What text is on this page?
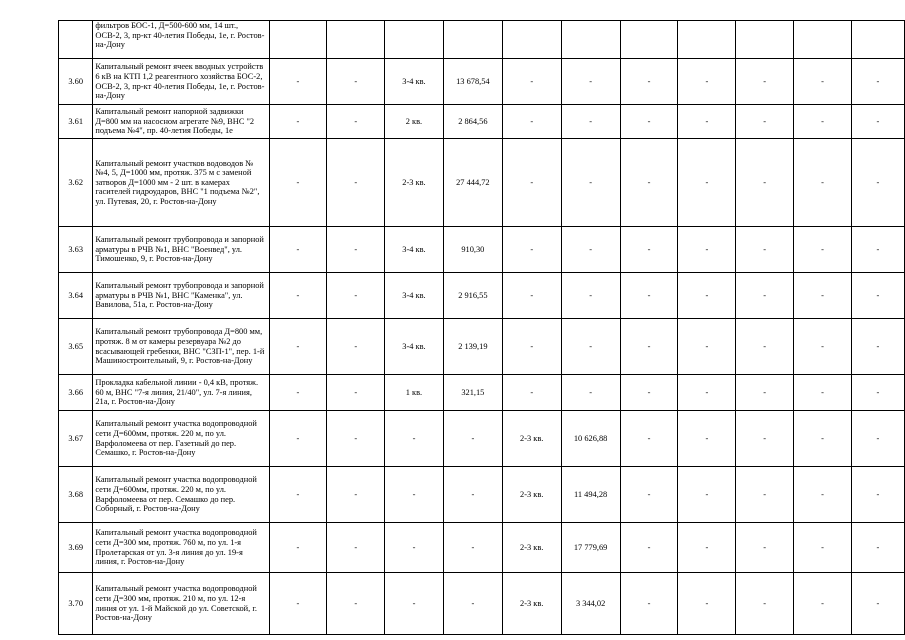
	фильтров БОС-1, Д=500-600 мм, 14 шт., ОСВ-2, 3, пр-кт 40-летия Победы, 1е, г. Ростов-на-Дону											
3.60	Капитальный ремонт ячеек вводных устройств 6 кВ на КТП 1,2 реагентного хозяйства БОС-2, ОСВ-2, 3, пр-кт 40-летия Победы, 1е, г. Ростов-на-Дону	-	-	3-4 кв.	13 678,54	-	-	-	-	-	-	-
3.61	Капитальный ремонт напорной задвижки Д=800 мм на насосном агрегате №9, ВНС "2 подъема №4", пр. 40-летия Победы, 1е	-	-	2 кв.	2 864,56	-	-	-	-	-	-	-
3.62	Капитальный ремонт участков водоводов №№4, 5, Д=1000 мм, протяж. 375 м с заменой затворов Д=1000 мм - 2 шт. в камерах гасителей гидроударов, ВНС "1 подъема №2", ул. Путевая, 20, г. Ростов-на-Дону	-	-	2-3 кв.	27 444,72	-	-	-	-	-	-	-
3.63	Капитальный ремонт трубопровода и запорной арматуры в РЧВ №1, ВНС "Военвед", ул. Тимошенко, 9, г. Ростов-на-Дону	-	-	3-4 кв.	910,30	-	-	-	-	-	-	-
3.64	Капитальный ремонт трубопровода и запорной арматуры в РЧВ №1, ВНС "Каменка", ул. Вавилова, 51а, г. Ростов-на-Дону	-	-	3-4 кв.	2 916,55	-	-	-	-	-	-	-
3.65	Капитальный ремонт трубопровода Д=800 мм, протяж. 8 м от камеры резервуара №2 до всасывающей гребенки, ВНС "СЗП-1", пер. 1-й Машиностроительный, 9, г. Ростов-на-Дону	-	-	3-4 кв.	2 139,19	-	-	-	-	-	-	-
3.66	Прокладка кабельной линии - 0,4 кВ, протяж. 60 м, ВНС "7-я линия, 21/40", ул. 7-я линия, 21а, г. Ростов-на-Дону	-	-	1 кв.	321,15	-	-	-	-	-	-	-
3.67	Капитальный ремонт участка водопроводной сети Д=600мм, протяж. 220 м, по ул. Варфоломеева от пер. Газетный до пер. Семашко, г. Ростов-на-Дону	-	-	-	-	2-3 кв.	10 626,88	-	-	-	-	-
3.68	Капитальный ремонт участка водопроводной сети Д=600мм, протяж. 220 м, по ул. Варфоломеева от пер. Семашко до пер. Соборный, г. Ростов-на-Дону	-	-	-	-	2-3 кв.	11 494,28	-	-	-	-	-
3.69	Капитальный ремонт участка водопроводной сети Д=300 мм, протяж. 760 м, по ул. 1-я Пролетарская от ул. 3-я линия до ул. 19-я линия, г. Ростов-на-Дону	-	-	-	-	2-3 кв.	17 779,69	-	-	-	-	-
3.70	Капитальный ремонт участка водопроводной сети Д=300 мм, протяж. 210 м, по ул. 12-я линия от ул. 1-й Майской до ул. Советской, г. Ростов-на-Дону	-	-	-	-	2-3 кв.	3 344,02	-	-	-	-	-
